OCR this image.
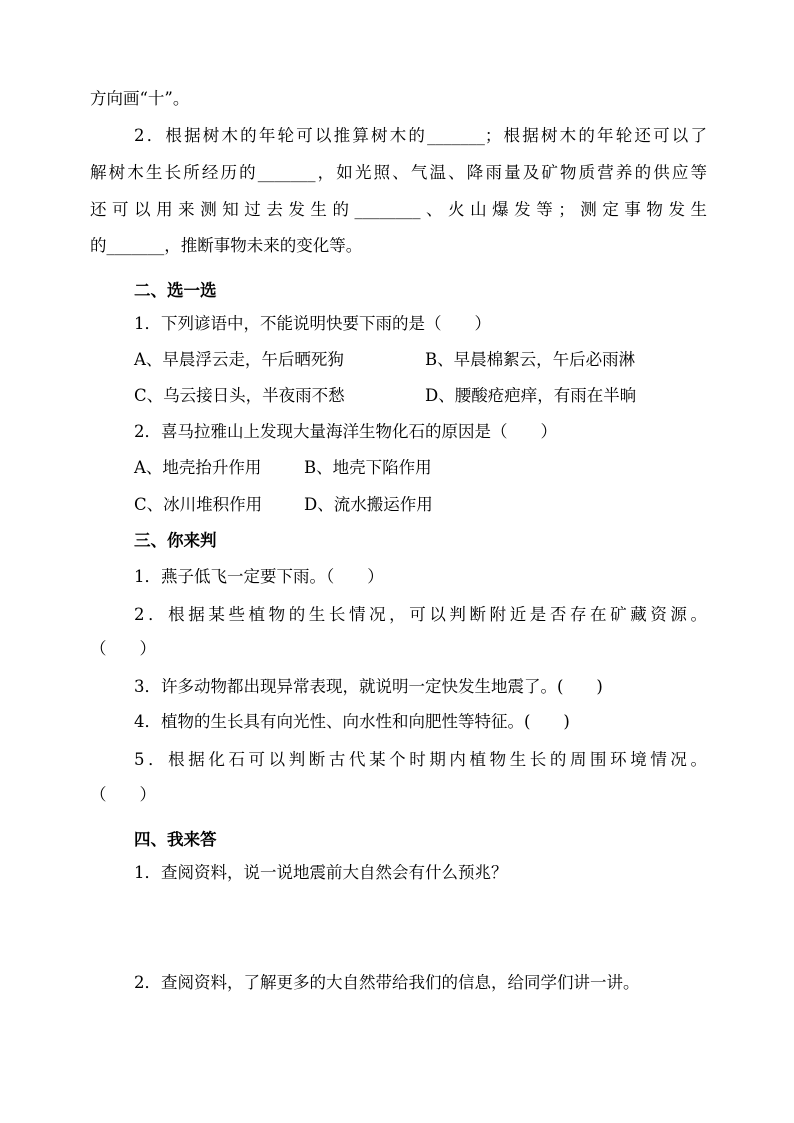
方向画“十”。
2．根据树木的年轮可以推算树木的_______；根据树木的年轮还可以了
解树木生长所经历的_______，如光照、气温、降雨量及矿物质营养的供应等
还可以用来测知过去发生的________、火山爆发等；测定事物发生
的_______，推断事物未来的变化等。
二、选一选
1．下列谚语中，不能说明快要下雨的是（　　）
A、早晨浮云走，午后晒死狗	B、早晨棉絮云，午后必雨淋
C、乌云接日头，半夜雨不愁	D、腰酸疮疤痒，有雨在半晌
2．喜马拉雅山上发现大量海洋生物化石的原因是（　　）
A、地壳抬升作用	B、地壳下陷作用
C、冰川堆积作用	D、流水搬运作用
三、你来判
1．燕子低飞一定要下雨。（　　）
2．根据某些植物的生长情况，可以判断附近是否存在矿藏资源。
（　　）
3．许多动物都出现异常表现，就说明一定快发生地震了。(　　)
4．植物的生长具有向光性、向水性和向肥性等特征。(　　)
5．根据化石可以判断古代某个时期内植物生长的周围环境情况。
（　　）
四、我来答
1．查阅资料，说一说地震前大自然会有什么预兆？
2．查阅资料，了解更多的大自然带给我们的信息，给同学们讲一讲。
